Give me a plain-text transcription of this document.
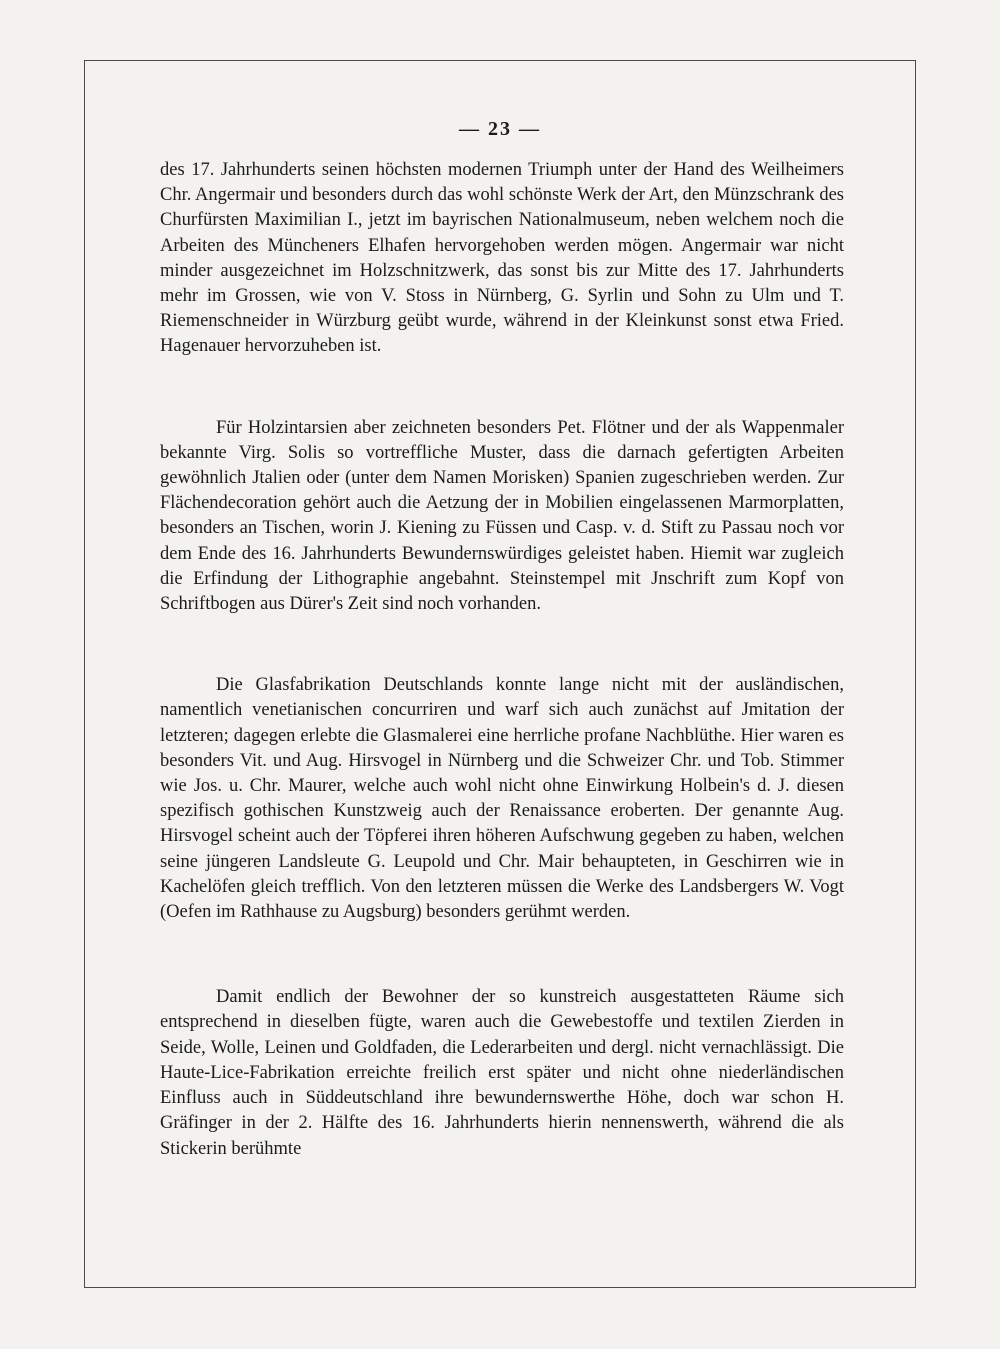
— 23 —

des 17. Jahrhunderts seinen höchsten modernen Triumph unter der Hand des Weilheimers Chr. Angermair und besonders durch das wohl schönste Werk der Art, den Münzschrank des Churfürsten Maximilian I., jetzt im bayrischen Nationalmuseum, neben welchem noch die Arbeiten des Müncheners Elhafen hervorgehoben werden mögen. Angermair war nicht minder ausgezeichnet im Holzschnitzwerk, das sonst bis zur Mitte des 17. Jahrhunderts mehr im Grossen, wie von V. Stoss in Nürnberg, G. Syrlin und Sohn zu Ulm und T. Riemenschneider in Würzburg geübt wurde, während in der Kleinkunst sonst etwa Fried. Hagenauer hervorzuheben ist.

Für Holzintarsien aber zeichneten besonders Pet. Flötner und der als Wappenmaler bekannte Virg. Solis so vortreffliche Muster, dass die darnach gefertigten Arbeiten gewöhnlich Jtalien oder (unter dem Namen Morisken) Spanien zugeschrieben werden. Zur Flächendecoration gehört auch die Aetzung der in Mobilien eingelassenen Marmorplatten, besonders an Tischen, worin J. Kiening zu Füssen und Casp. v. d. Stift zu Passau noch vor dem Ende des 16. Jahrhunderts Bewundernswürdiges geleistet haben. Hiemit war zugleich die Erfindung der Lithographie angebahnt. Steinstempel mit Jnschrift zum Kopf von Schriftbogen aus Dürer's Zeit sind noch vorhanden.

Die Glasfabrikation Deutschlands konnte lange nicht mit der ausländischen, namentlich venetianischen concurriren und warf sich auch zunächst auf Jmitation der letzteren; dagegen erlebte die Glasmalerei eine herrliche profane Nachblüthe. Hier waren es besonders Vit. und Aug. Hirsvogel in Nürnberg und die Schweizer Chr. und Tob. Stimmer wie Jos. u. Chr. Maurer, welche auch wohl nicht ohne Einwirkung Holbein's d. J. diesen spezifisch gothischen Kunstzweig auch der Renaissance eroberten. Der genannte Aug. Hirsvogel scheint auch der Töpferei ihren höheren Aufschwung gegeben zu haben, welchen seine jüngeren Landsleute G. Leupold und Chr. Mair behaupteten, in Geschirren wie in Kachelöfen gleich trefflich. Von den letzteren müssen die Werke des Landsbergers W. Vogt (Oefen im Rathhause zu Augsburg) besonders gerühmt werden.

Damit endlich der Bewohner der so kunstreich ausgestatteten Räume sich entsprechend in dieselben fügte, waren auch die Gewebestoffe und textilen Zierden in Seide, Wolle, Leinen und Goldfaden, die Lederarbeiten und dergl. nicht vernachlässigt. Die Haute-Lice-Fabrikation erreichte freilich erst später und nicht ohne niederländischen Einfluss auch in Süddeutschland ihre bewundernswerthe Höhe, doch war schon H. Gräfinger in der 2. Hälfte des 16. Jahrhunderts hierin nennenswerth, während die als Stickerin berühmte
